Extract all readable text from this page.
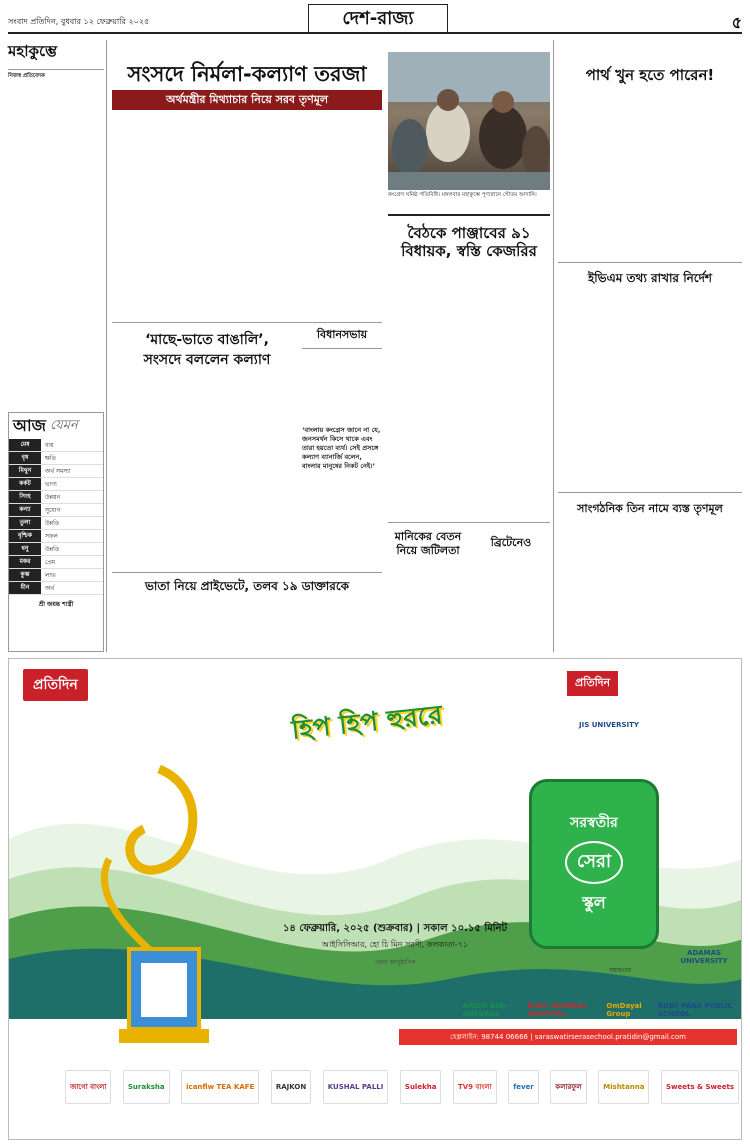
সংবাদ প্রতিদিন, বুধবার ১২ ফেব্রুয়ারি ২০২৫	দেশ-রাজ্য	৫
মহাকুম্ভে
নিজস্ব প্রতিবেদক

আজ যেমন
মেষ	ব্যয়
বৃষ	ক্ষতি
মিথুন	অর্থ সমস্যা
কর্কট	ভাগ্য
সিংহ	উন্নয়ন
কন্যা	সুযোগ
তুলা	উন্নতি
বৃশ্চিক	সফল
ধনু	উন্নতি
মকর	প্রেম
কুম্ভ	লাভ
মীন	অর্থ
শ্রী জয়ন্ত শাস্ত্রী
সংসদে নির্মলা-কল্যাণ তরজা
অর্থমন্ত্রীর মিথ্যাচার নিয়ে সরব তৃণমূল
কংগ্রেস ঘনিষ্ঠ গতিবিধি। মঙ্গলবার মহাকুম্ভে পুণ্যস্নানে গৌতম আদানি।
বৈঠকে পাঞ্জাবের ৯১
বিধায়ক, স্বস্তি কেজরির
পার্থ খুন হতে পারেন!
ইভিএম তথ্য রাখার নির্দেশ
‘মাছে-ভাতে বাঙালি’,
সংসদে বললেন কল্যাণ
বিধানসভায়
‘বাংলায় কংগ্রেস জানে না যে, জনসমর্থন কিসে থাকে এবং তারা হয়তো ব্যর্থ। সেই প্রসঙ্গে কল্যাণ ব্যানার্জি বলেন, বাংলার মানুষের নিকট নেই।’
ভাতা নিয়ে প্রাইভেটে, তলব ১৯ ডাক্তারকে
মানিকের বেতন
নিয়ে জটিলতা
ব্রিটেনেও
সাংগঠনিক তিন নামে ব্যস্ত তৃণমূল
প্রতিদিন	প্রতিদিন
হিপ হিপ হুররে
সরস্বতীর
সেরা
স্কুল
JIS UNIVERSITY
ADAMAS UNIVERSITY
সহায়তায়
১৪ ফেব্রুয়ারি, ২০২৫ (শুক্রবার) | সকাল ১০.১৫ মিনিট
আইসিসিআর, হো চি মিন সরণী, কলকাতা-৭১
প্রধান আনুষ্ঠানিক
ARISH BIO-NATURAL
RUBY GENERAL HOSPITAL
OmDayal Group
RUBY PARK PUBLIC SCHOOL
হেল্পলাইন: 98744 06666 | saraswatirserasechool.pratidin@gmail.com
জাগো বাংলা	Suraksha	icanflw TEA KAFE	RAJKON	KUSHAL PALLI	Sulekha	TV9 বাংলা	fever	কলারফুল	Mishtanna	Sweets & Sweets
